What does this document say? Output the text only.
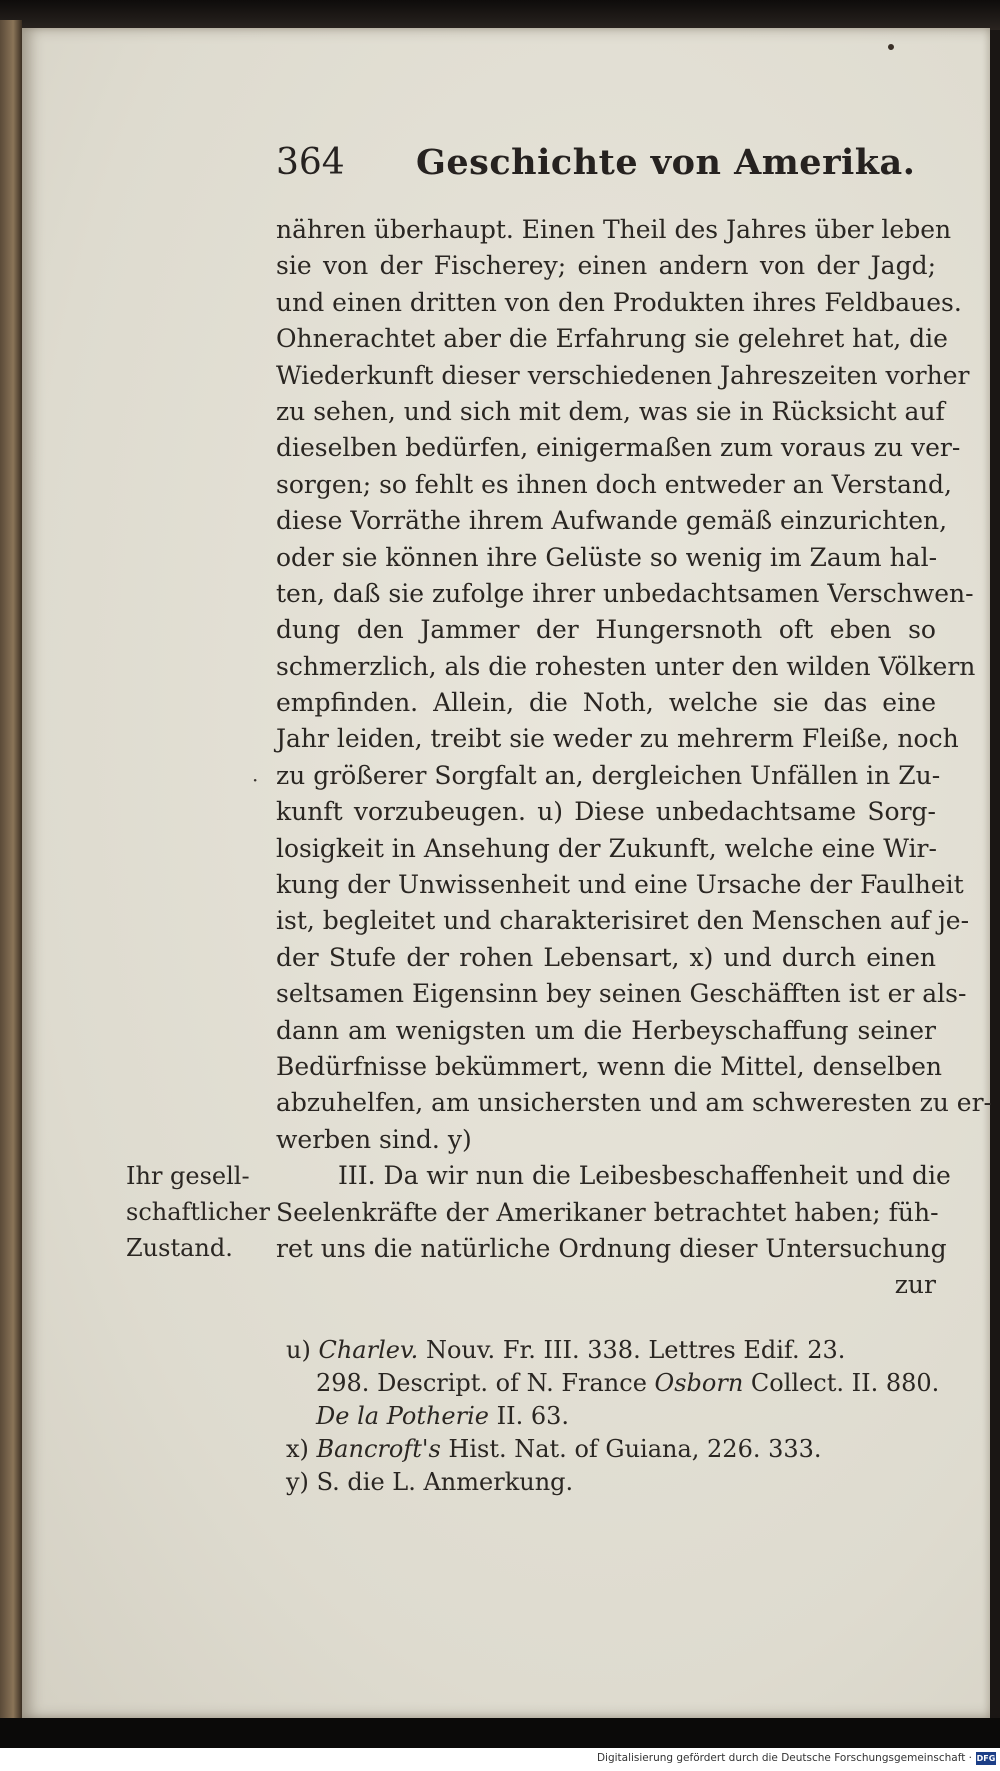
364 Geschichte von Amerika.
·
nähren überhaupt. Einen Theil des Jahres über leben
sie von der Fischerey; einen andern von der Jagd;
und einen dritten von den Produkten ihres Feldbaues.
Ohnerachtet aber die Erfahrung sie gelehret hat, die
Wiederkunft dieser verschiedenen Jahreszeiten vorher
zu sehen, und sich mit dem, was sie in Rücksicht auf
dieselben bedürfen, einigermaßen zum voraus zu ver-
sorgen; so fehlt es ihnen doch entweder an Verstand,
diese Vorräthe ihrem Aufwande gemäß einzurichten,
oder sie können ihre Gelüste so wenig im Zaum hal-
ten, daß sie zufolge ihrer unbedachtsamen Verschwen-
dung den Jammer der Hungersnoth oft eben so
schmerzlich, als die rohesten unter den wilden Völkern
empfinden. Allein, die Noth, welche sie das eine
Jahr leiden, treibt sie weder zu mehrerm Fleiße, noch
zu größerer Sorgfalt an, dergleichen Unfällen in Zu-
kunft vorzubeugen. u) Diese unbedachtsame Sorg-
losigkeit in Ansehung der Zukunft, welche eine Wir-
kung der Unwissenheit und eine Ursache der Faulheit
ist, begleitet und charakterisiret den Menschen auf je-
der Stufe der rohen Lebensart, x) und durch einen
seltsamen Eigensinn bey seinen Geschäfften ist er als-
dann am wenigsten um die Herbeyschaffung seiner
Bedürfnisse bekümmert, wenn die Mittel, denselben
abzuhelfen, am unsichersten und am schweresten zu er-
werben sind. y)
III. Da wir nun die Leibesbeschaffenheit und die
Seelenkräfte der Amerikaner betrachtet haben; füh-
ret uns die natürliche Ordnung dieser Untersuchung
zur
Ihr gesell-
schaftlicher
Zustand.
u) Charlev. Nouv. Fr. III. 338. Lettres Edif. 23.
298. Descript. of N. France Osborn Collect. II. 880.
De la Potherie II. 63.
x) Bancroft's Hist. Nat. of Guiana, 226. 333.
y) S. die L. Anmerkung.
Digitalisierung gefördert durch die Deutsche Forschungsgemeinschaft · DFG
